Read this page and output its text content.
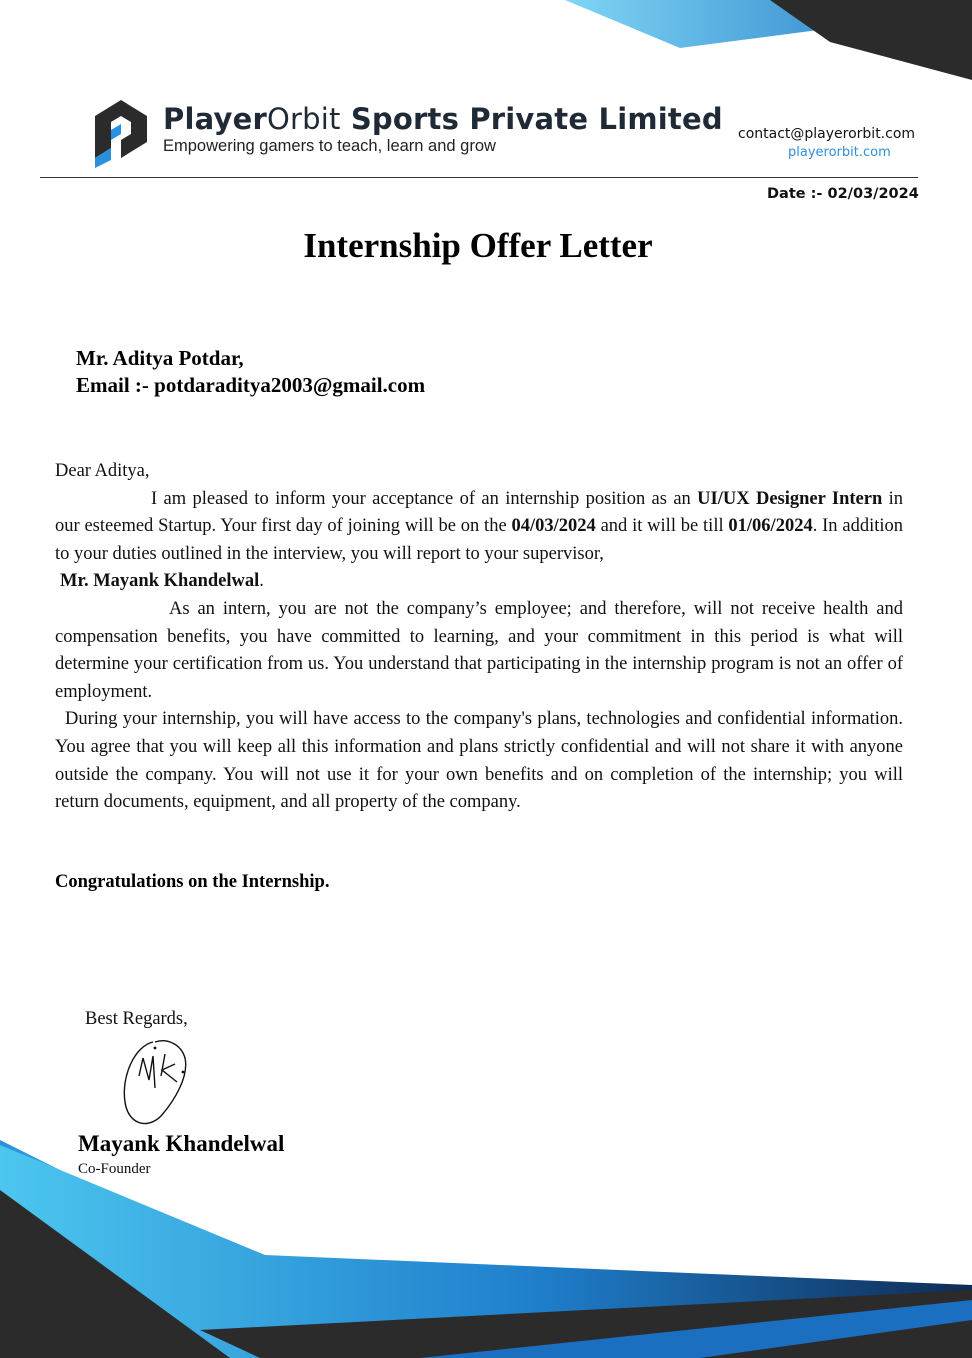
PlayerOrbit Sports Private Limited
Empowering gamers to teach, learn and grow
contact@playerorbit.com
playerorbit.com
Date :- 02/03/2024
Internship Offer Letter
Mr. Aditya Potdar,
Email :- potdaraditya2003@gmail.com

Dear Aditya,

I am pleased to inform your acceptance of an internship position as an UI/UX Designer Intern in our esteemed Startup. Your first day of joining will be on the 04/03/2024 and it will be till 01/06/2024. In addition to your duties outlined in the interview, you will report to your supervisor,

Mr. Mayank Khandelwal.

As an intern, you are not the company’s employee; and therefore, will not receive health and compensation benefits, you have committed to learning, and your commitment in this period is what will determine your certification from us. You understand that participating in the internship program is not an offer of employment.

During your internship, you will have access to the company's plans, technologies and confidential information. You agree that you will keep all this information and plans strictly confidential and will not share it with anyone outside the company. You will not use it for your own benefits and on completion of the internship; you will return documents, equipment, and all property of the company.

Congratulations on the Internship.
Best Regards,
Mayank Khandelwal
Co-Founder
